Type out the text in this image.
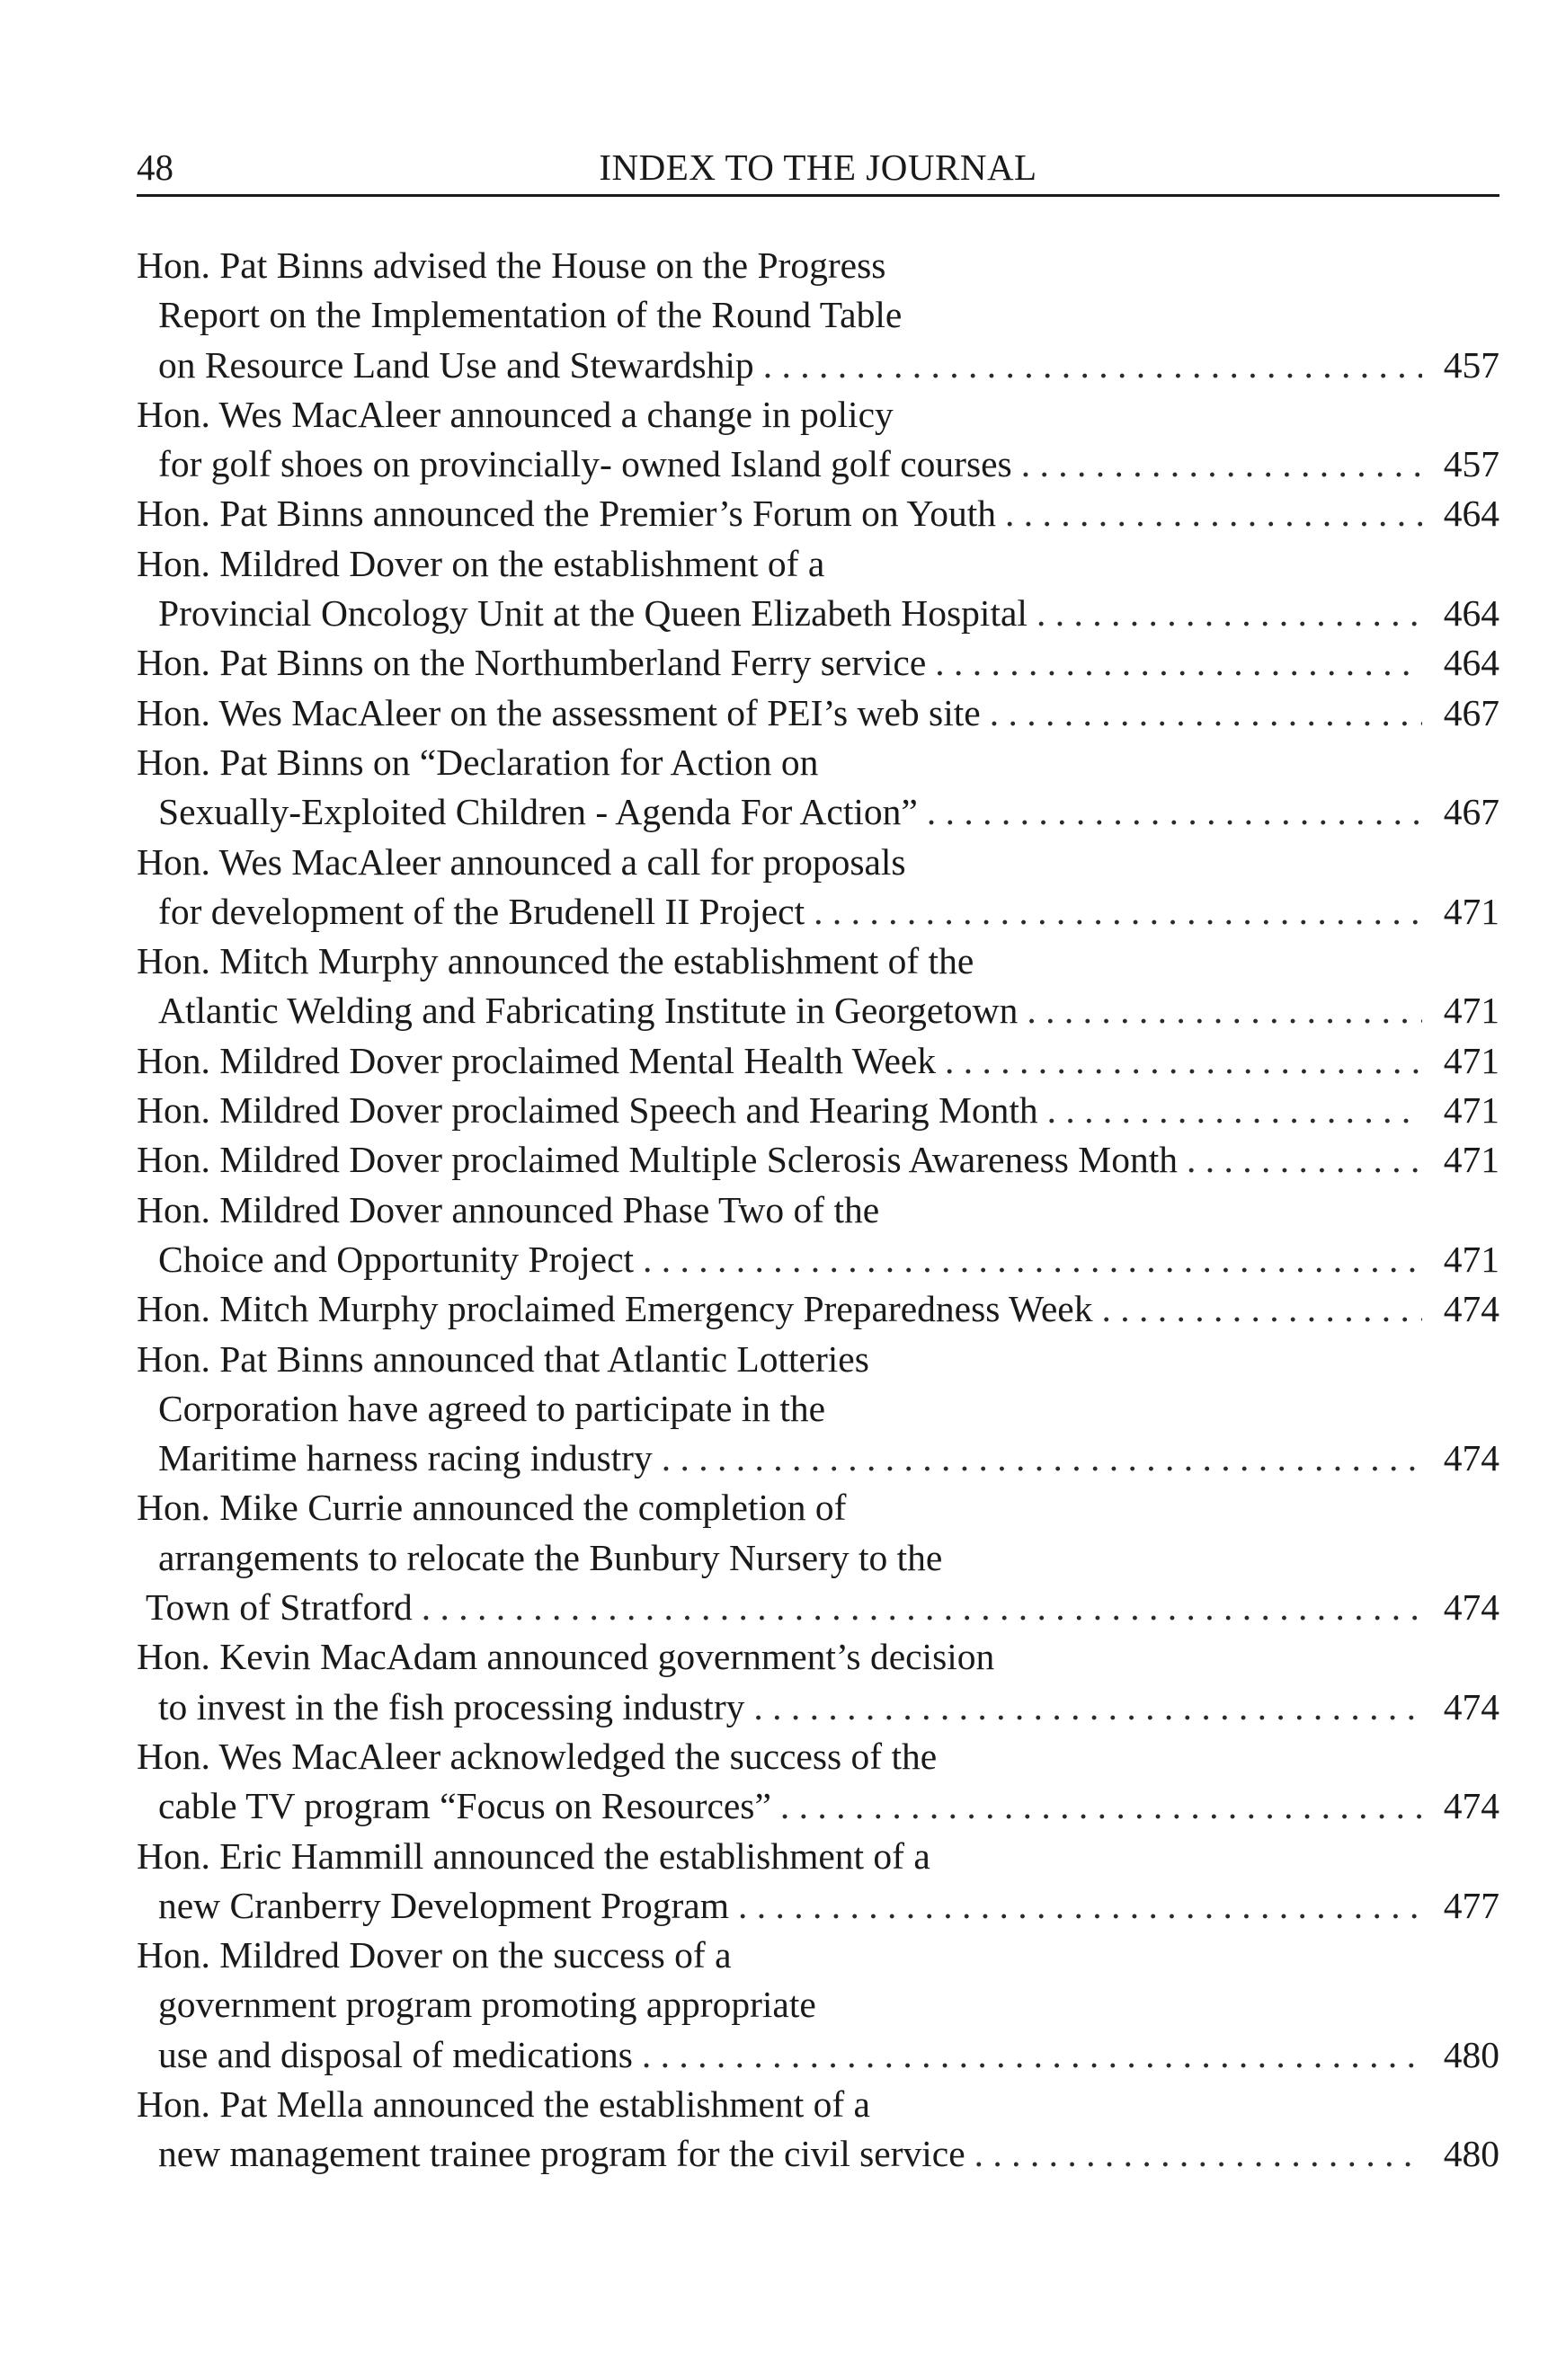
48	INDEX TO THE JOURNAL
Hon. Pat Binns advised the House on the Progress
Report on the Implementation of the Round Table
on Resource Land Use and Stewardship . . .	457
Hon. Wes MacAleer announced a change in policy
for golf shoes on provincially- owned Island golf courses . . .	457
Hon. Pat Binns announced the Premier’s Forum on Youth . . .	464
Hon. Mildred Dover on the establishment of a
Provincial Oncology Unit at the Queen Elizabeth Hospital . . .	464
Hon. Pat Binns on the Northumberland Ferry service . . .	464
Hon. Wes MacAleer on the assessment of PEI’s web site . . .	467
Hon. Pat Binns on “Declaration for Action on
Sexually-Exploited Children - Agenda For Action” . . .	467
Hon. Wes MacAleer announced a call for proposals
for development of the Brudenell II Project . . .	471
Hon. Mitch Murphy announced the establishment of the
Atlantic Welding and Fabricating Institute in Georgetown . . .	471
Hon. Mildred Dover proclaimed Mental Health Week . . .	471
Hon. Mildred Dover proclaimed Speech and Hearing Month . . .	471
Hon. Mildred Dover proclaimed Multiple Sclerosis Awareness Month . . .	471
Hon. Mildred Dover announced Phase Two of the
Choice and Opportunity Project . . .	471
Hon. Mitch Murphy proclaimed Emergency Preparedness Week . . .	474
Hon. Pat Binns announced that Atlantic Lotteries
Corporation have agreed to participate in the
Maritime harness racing industry . . .	474
Hon. Mike Currie announced the completion of
arrangements to relocate the Bunbury Nursery to the
Town of Stratford . . .	474
Hon. Kevin MacAdam announced government’s decision
to invest in the fish processing industry . . .	474
Hon. Wes MacAleer acknowledged the success of the
cable TV program “Focus on Resources” . . .	474
Hon. Eric Hammill announced the establishment of a
new Cranberry Development Program . . .	477
Hon. Mildred Dover on the success of a
government program promoting appropriate
use and disposal of medications . . .	480
Hon. Pat Mella announced the establishment of a
new management trainee program for the civil service . . .	480
